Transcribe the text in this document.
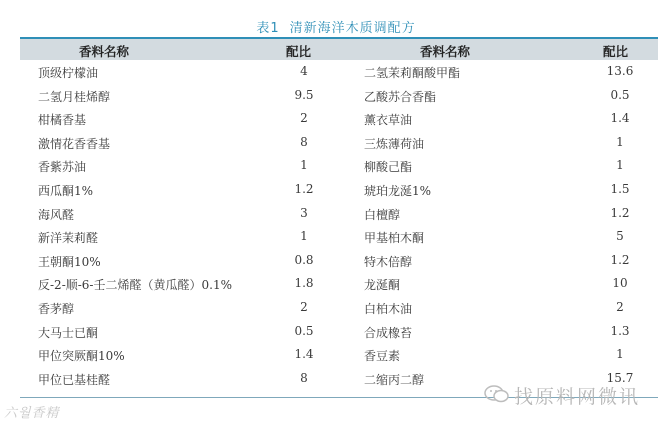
表1 清新海洋木质调配方
香料名称	配比	香料名称	配比
顶级柠檬油	4	二氢茉莉酮酸甲酯	13.6
二氢月桂烯醇	9.5	乙酸苏合香酯	0.5
柑橘香基	2	薰衣草油	1.4
激情花香香基	8	三炼薄荷油	1
香紫苏油	1	柳酸己酯	1
西瓜酮1%	1.2	琥珀龙涎1%	1.5
海风醛	3	白檀醇	1.2
新洋茉莉醛	1	甲基柏木酮	5
王朝酮10%	0.8	特木倍醇	1.2
反-2-顺-6-壬二烯醛（黄瓜醛）0.1%	1.8	龙涎酮	10
香茅醇	2	白柏木油	2
大马士已酮	0.5	合成橡苔	1.3
甲位突厥酮10%	1.4	香豆素	1
甲位已基桂醛	8	二缩丙二醇	15.7
六월香精
找原料网微讯
